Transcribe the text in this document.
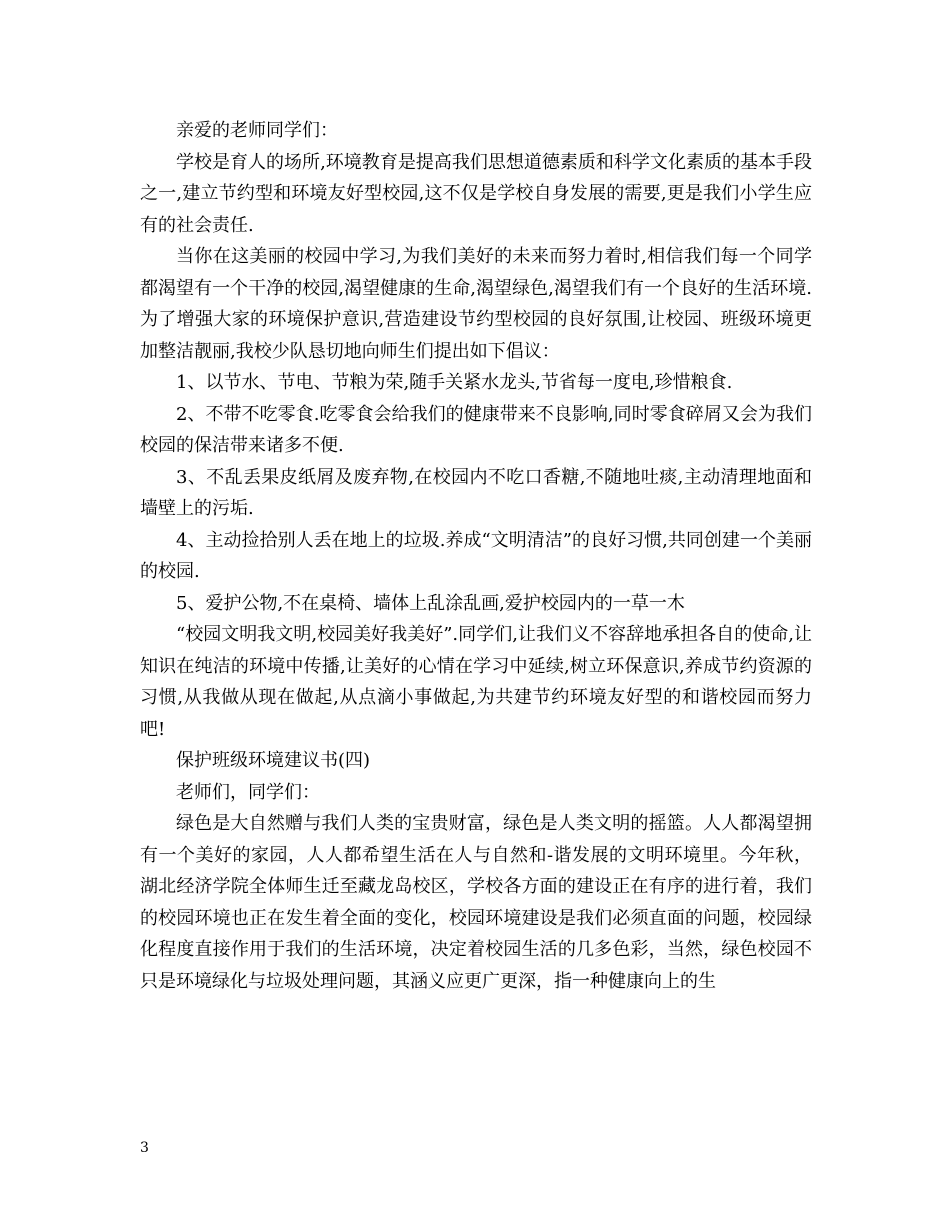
亲爱的老师同学们：

学校是育人的场所,环境教育是提高我们思想道德素质和科学文化素质的基本手段之一,建立节约型和环境友好型校园,这不仅是学校自身发展的需要,更是我们小学生应有的社会责任.

当你在这美丽的校园中学习,为我们美好的未来而努力着时,相信我们每一个同学都渴望有一个干净的校园,渴望健康的生命,渴望绿色,渴望我们有一个良好的生活环境.为了增强大家的环境保护意识,营造建设节约型校园的良好氛围,让校园、班级环境更加整洁靓丽,我校少队恳切地向师生们提出如下倡议：

1、以节水、节电、节粮为荣,随手关紧水龙头,节省每一度电,珍惜粮食.

2、不带不吃零食.吃零食会给我们的健康带来不良影响,同时零食碎屑又会为我们校园的保洁带来诸多不便.

3、不乱丢果皮纸屑及废弃物,在校园内不吃口香糖,不随地吐痰,主动清理地面和墙壁上的污垢.

4、主动捡拾别人丢在地上的垃圾.养成“文明清洁”的良好习惯,共同创建一个美丽的校园.

5、爱护公物,不在桌椅、墙体上乱涂乱画,爱护校园内的一草一木

“校园文明我文明,校园美好我美好”.同学们,让我们义不容辞地承担各自的使命,让知识在纯洁的环境中传播,让美好的心情在学习中延续,树立环保意识,养成节约资源的习惯,从我做从现在做起,从点滴小事做起,为共建节约环境友好型的和谐校园而努力吧!

保护班级环境建议书(四)

老师们，同学们：

绿色是大自然赠与我们人类的宝贵财富，绿色是人类文明的摇篮。人人都渴望拥有一个美好的家园，人人都希望生活在人与自然和-谐发展的文明环境里。今年秋，湖北经济学院全体师生迁至藏龙岛校区，学校各方面的建设正在有序的进行着，我们的校园环境也正在发生着全面的变化，校园环境建设是我们必须直面的问题，校园绿化程度直接作用于我们的生活环境，决定着校园生活的几多色彩，当然，绿色校园不只是环境绿化与垃圾处理问题，其涵义应更广更深，指一种健康向上的生

3
